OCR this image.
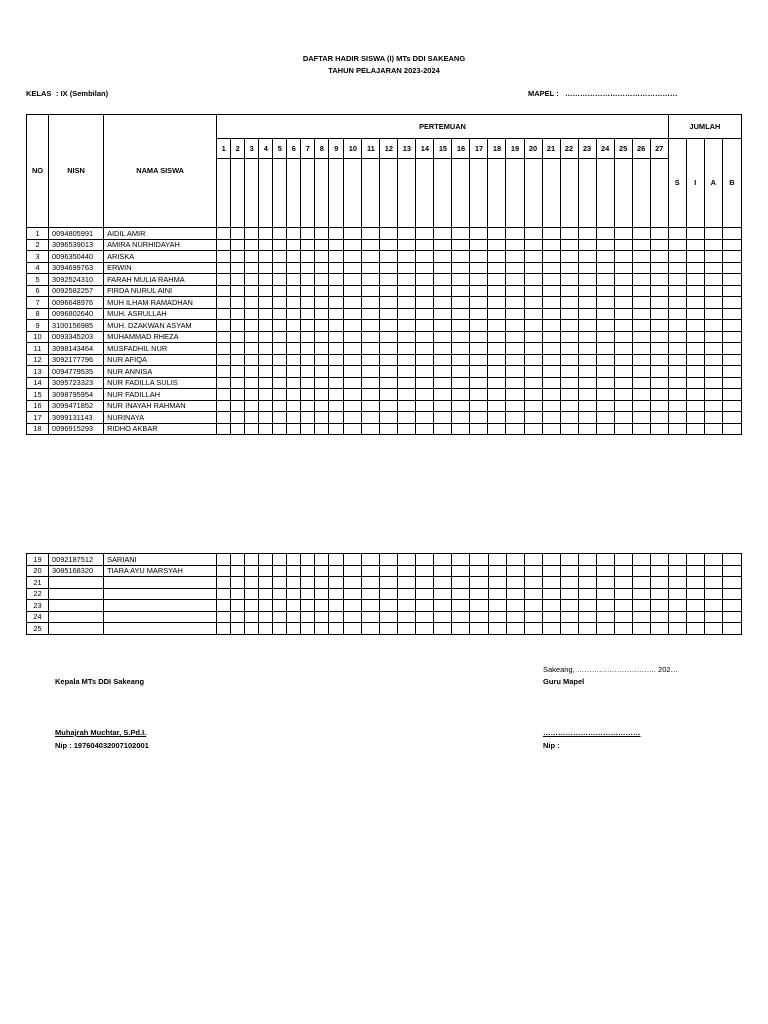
DAFTAR HADIR SISWA (I) MTs DDI SAKEANG
TAHUN PELAJARAN 2023-2024
KELAS : IX (Sembilan)	MAPEL : ………………………………………
NO	NISN	NAMA SISWA	PERTEMUAN																											JUMLAH			
			1	2	3	4	5	6	7	8	9	10	11	12	13	14	15	16	17	18	19	20	21	22	23	24	25	26	27	S	I	A	B

1	0094805991	AIDIL AMIR																															
2	3096539013	AMIRA NURHIDAYAH																															
3	0096350440	ARISKA																															
4	3094699763	ERWIN																															
5	3092524310	FARAH MULIA RAHMA																															
6	0092582257	FIRDA NURUL AINI																															
7	0096648976	MUH ILHAM RAMADHAN																															
8	0096802640	MUH. ASRULLAH																															
9	3100156985	MUH. DZAKWAN ASYAM																															
10	0093345203	MUHAMMAD RHEZA																															
11	3098143464	MUSFADHIL NUR																															
12	3092177796	NUR AFIQA																															
13	0094779535	NUR ANNISA																															
14	3095723323	NUR FADILLA SULIS																															
15	3098795954	NUR FADILLAH																															
16	3099471852	NUR INAYAH RAHMAN																															
17	3099131143	NURINAYA																															
18	0096915293	RIDHO AKBAR																															
19	0092187512	SARIANI																															
20	3085168320	TIARA AYU MARSYAH																															
21																																	
22																																	
23																																	
24																																	
25																																	
Sakeang, ………………………….. 202…
Guru Mapel
Kepala MTs DDI Sakeang
Muhajrah Muchtar, S.Pd.I.
Nip : 197604032007102001
…………………………………
Nip :
